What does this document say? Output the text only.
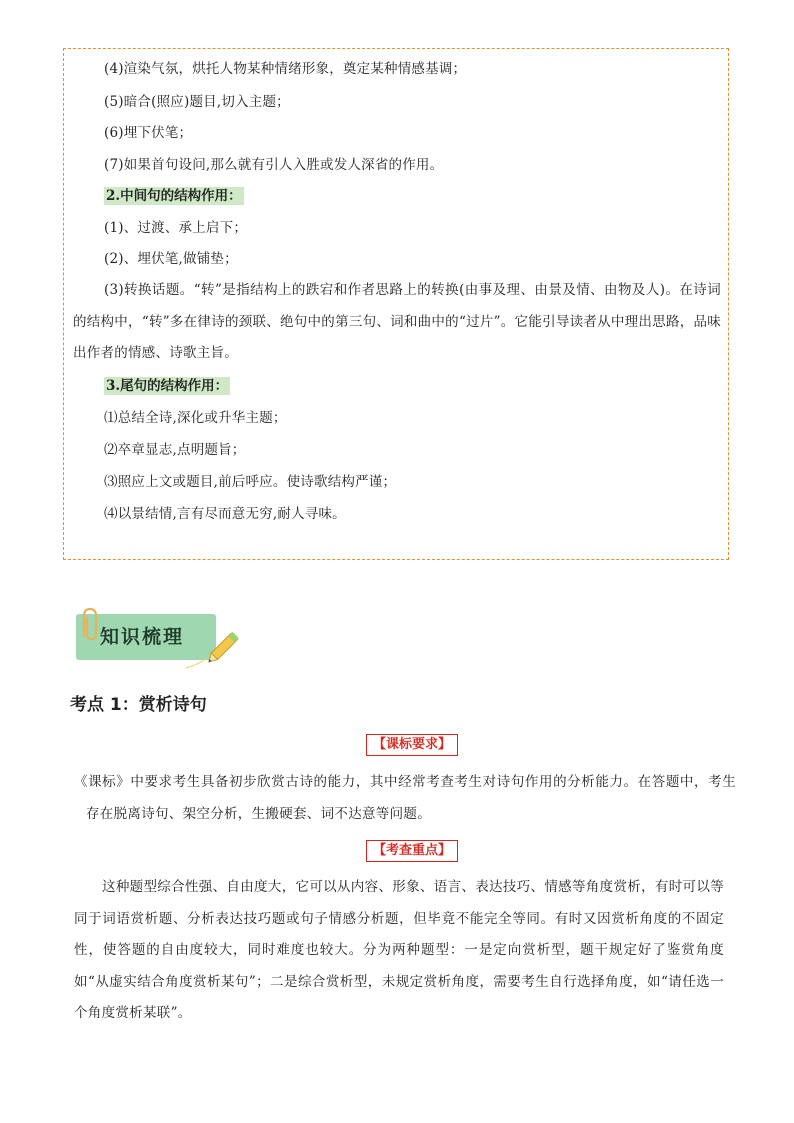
(4)渲染气氛，烘托人物某种情绪形象，奠定某种情感基调；
(5)暗合(照应)题目,切入主题；
(6)埋下伏笔；
(7)如果首句设问,那么就有引人入胜或发人深省的作用。
2.中间句的结构作用：
(1)、过渡、承上启下；
(2)、埋伏笔,做铺垫；
(3)转换话题。“转”是指结构上的跌宕和作者思路上的转换(由事及理、由景及情、由物及人)。在诗词的结构中，“转”多在律诗的颈联、绝句中的第三句、词和曲中的“过片”。它能引导读者从中理出思路，品味出作者的情感、诗歌主旨。
3.尾句的结构作用：
⑴总结全诗,深化或升华主题；
⑵卒章显志,点明题旨；
⑶照应上文或题目,前后呼应。使诗歌结构严谨；
⑷以景结情,言有尽而意无穷,耐人寻味。
知识梳理
考点 1：赏析诗句
【课标要求】
《课标》中要求考生具备初步欣赏古诗的能力，其中经常考查考生对诗句作用的分析能力。在答题中，考生存在脱离诗句、架空分析，生搬硬套、词不达意等问题。
【考查重点】
这种题型综合性强、自由度大，它可以从内容、形象、语言、表达技巧、情感等角度赏析，有时可以等同于词语赏析题、分析表达技巧题或句子情感分析题，但毕竟不能完全等同。有时又因赏析角度的不固定性，使答题的自由度较大，同时难度也较大。分为两种题型：一是定向赏析型，题干规定好了鉴赏角度如“从虚实结合角度赏析某句”；二是综合赏析型，未规定赏析角度，需要考生自行选择角度，如“请任选一个角度赏析某联”。
